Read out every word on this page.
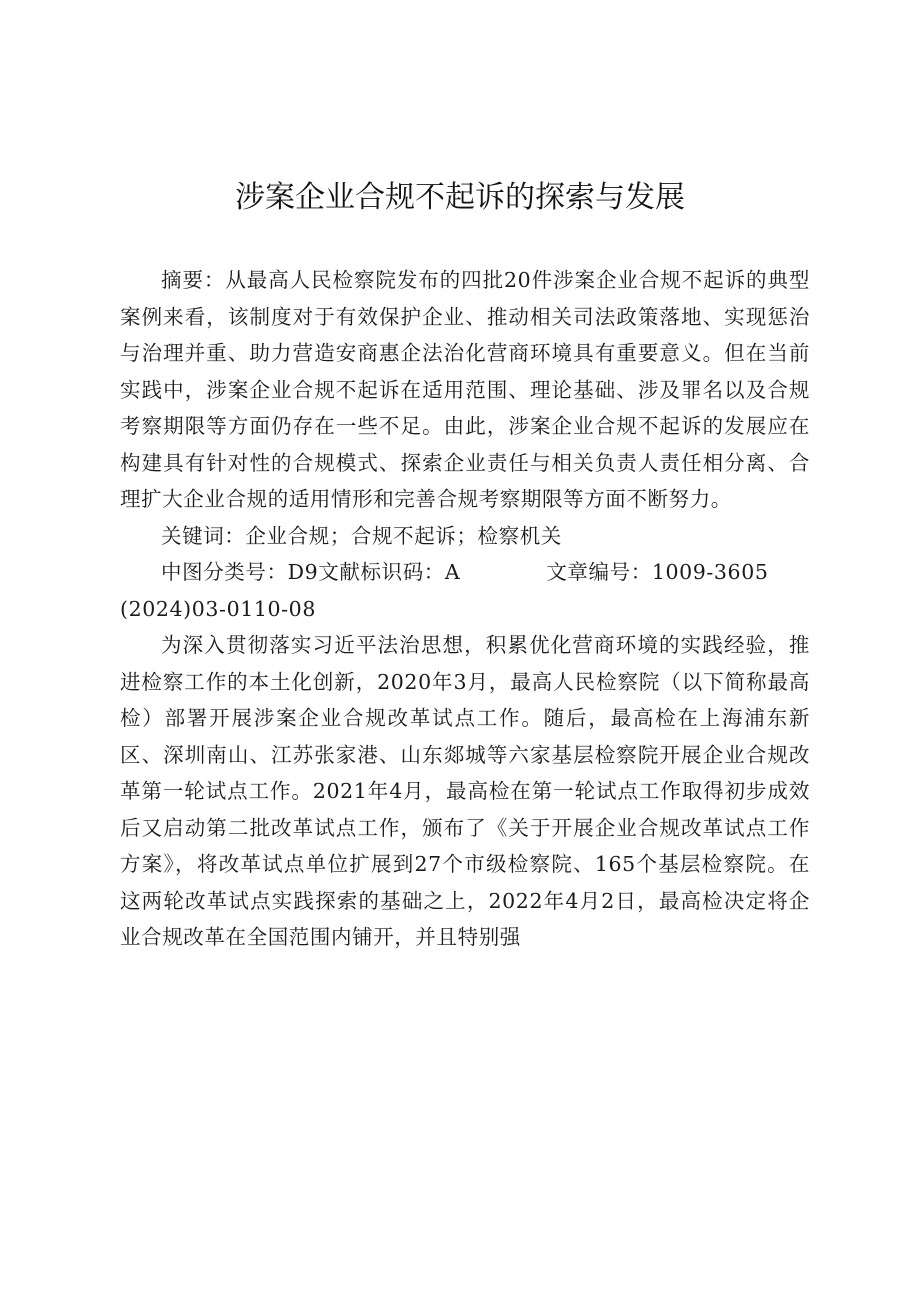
涉案企业合规不起诉的探索与发展

摘要：从最高人民检察院发布的四批20件涉案企业合规不起诉的典型案例来看，该制度对于有效保护企业、推动相关司法政策落地、实现惩治与治理并重、助力营造安商惠企法治化营商环境具有重要意义。但在当前实践中，涉案企业合规不起诉在适用范围、理论基础、涉及罪名以及合规考察期限等方面仍存在一些不足。由此，涉案企业合规不起诉的发展应在构建具有针对性的合规模式、探索企业责任与相关负责人责任相分离、合理扩大企业合规的适用情形和完善合规考察期限等方面不断努力。

关键词：企业合规；合规不起诉；检察机关

中图分类号：D9文献标识码：A	文章编号：1009-3605

(2024)03-0110-08

为深入贯彻落实习近平法治思想，积累优化营商环境的实践经验，推进检察工作的本土化创新，2020年3月，最高人民检察院（以下简称最高检）部署开展涉案企业合规改革试点工作。随后，最高检在上海浦东新区、深圳南山、江苏张家港、山东郯城等六家基层检察院开展企业合规改革第一轮试点工作。2021年4月，最高检在第一轮试点工作取得初步成效后又启动第二批改革试点工作，颁布了《关于开展企业合规改革试点工作方案》，将改革试点单位扩展到27个市级检察院、165个基层检察院。在这两轮改革试点实践探索的基础之上，2022年4月2日，最高检决定将企业合规改革在全国范围内铺开，并且特别强
